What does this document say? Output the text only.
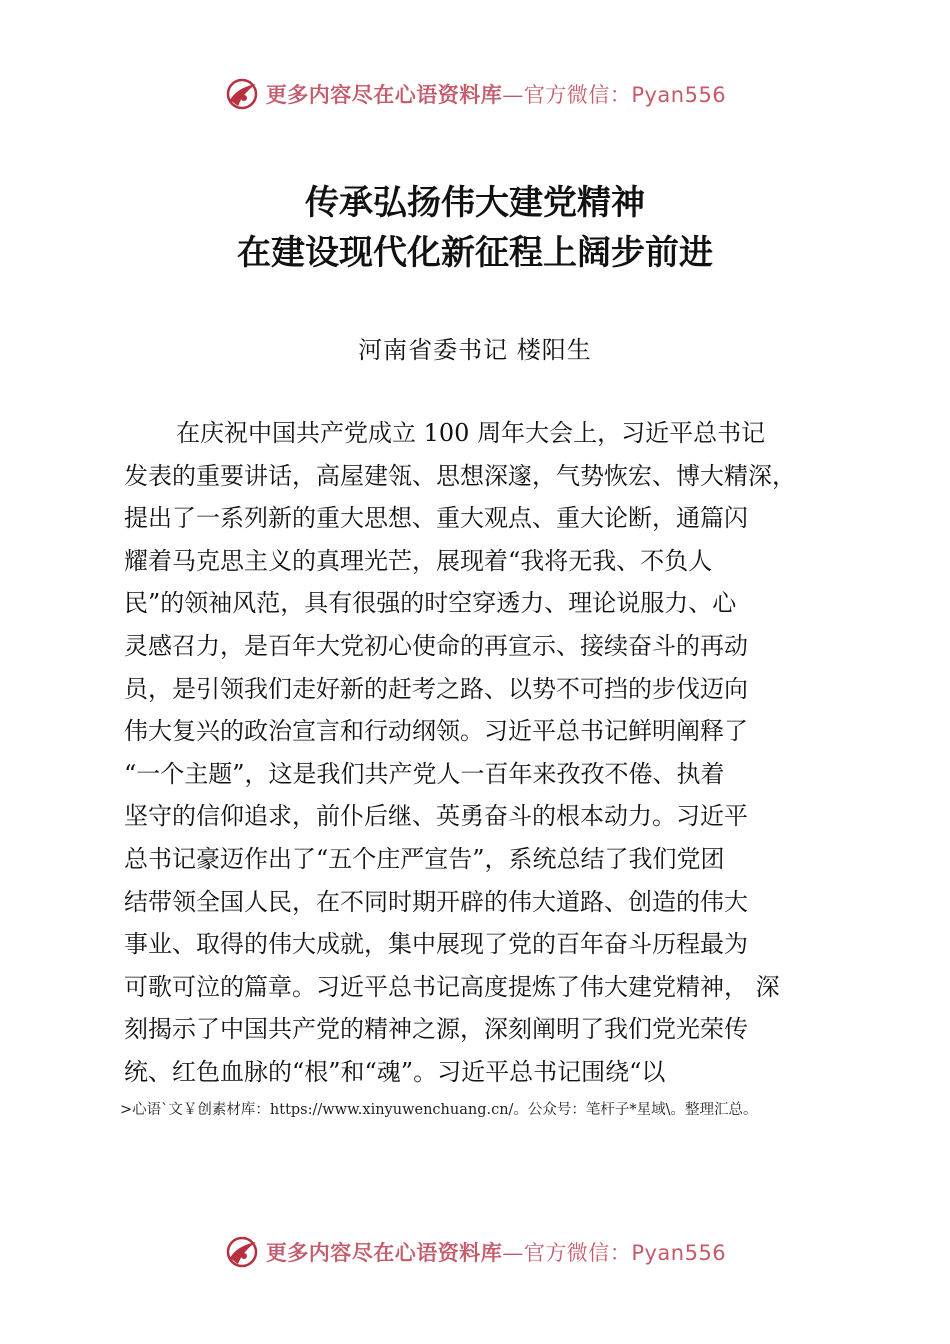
更多内容尽在心语资料库—官方微信：Pyan556
传承弘扬伟大建党精神
在建设现代化新征程上阔步前进
河南省委书记 楼阳生
在庆祝中国共产党成立 100 周年大会上，习近平总书记
发表的重要讲话，高屋建瓴、思想深邃，气势恢宏、博大精深，
提出了一系列新的重大思想、重大观点、重大论断，通篇闪
耀着马克思主义的真理光芒，展现着“我将无我、不负人
民”的领袖风范，具有很强的时空穿透力、理论说服力、心
灵感召力，是百年大党初心使命的再宣示、接续奋斗的再动
员，是引领我们走好新的赶考之路、以势不可挡的步伐迈向
伟大复兴的政治宣言和行动纲领。习近平总书记鲜明阐释了
“一个主题”，这是我们共产党人一百年来孜孜不倦、执着
坚守的信仰追求，前仆后继、英勇奋斗的根本动力。习近平
总书记豪迈作出了“五个庄严宣告”，系统总结了我们党团
结带领全国人民，在不同时期开辟的伟大道路、创造的伟大
事业、取得的伟大成就，集中展现了党的百年奋斗历程最为
可歌可泣的篇章。习近平总书记高度提炼了伟大建党精神， 深
刻揭示了中国共产党的精神之源，深刻阐明了我们党光荣传
统、红色血脉的“根”和“魂”。习近平总书记围绕“以
>心语`文￥创素材库：https://www.xinyuwenchuang.cn/。公众号：笔杆子*星域\。整理汇总。
更多内容尽在心语资料库—官方微信：Pyan556
